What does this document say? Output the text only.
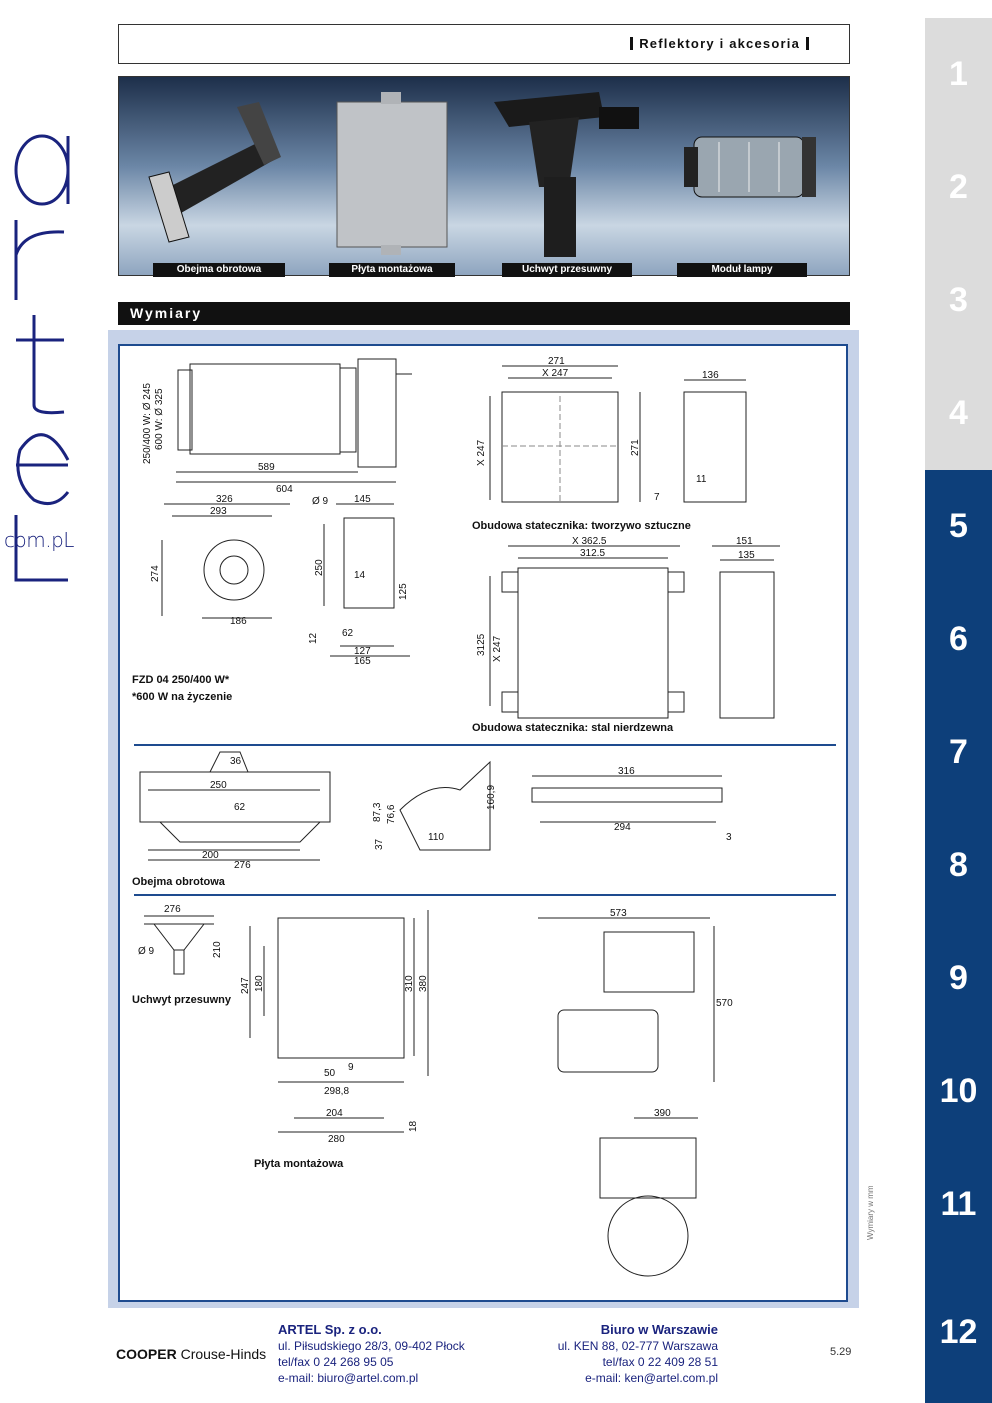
com.pL
Reflektory i akcesoria
Obejma obrotowa	Płyta montażowa	Uchwyt przesuwny	Moduł lampy
Wymiary
589
604
250/400 W: Ø 245 600 W: Ø 325
326
293
274
186
Ø 9	145
250	14
125
12 62
127
165
FZD 04 250/400 W*
*600 W na życzenie
271
X 247
X 247	271
136
11
7
Obudowa statecznika: tworzywo sztuczne
X 362.5
312.5
3125 X 247
151
135
Obudowa statecznika: stal nierdzewna
36
250
62
200
276
87,3 76,6
37
110
160,9
316
294
3
Obejma obrotowa
276
Ø 9	210
Uchwyt przesuwny
247 180	310 380
50
9
298,8
204
280
18
Płyta montażowa
573
570
390
Wymiary w mm
1
2
3
4
5
6
7
8
9
10
11
12
COOPER Crouse-Hinds
ARTEL Sp. z o.o.
ul. Piłsudskiego 28/3, 09-402 Płock
tel/fax 0 24 268 95 05
e-mail: biuro@artel.com.pl
Biuro w Warszawie
ul. KEN 88, 02-777 Warszawa
tel/fax 0 22 409 28 51
e-mail: ken@artel.com.pl
5.29
